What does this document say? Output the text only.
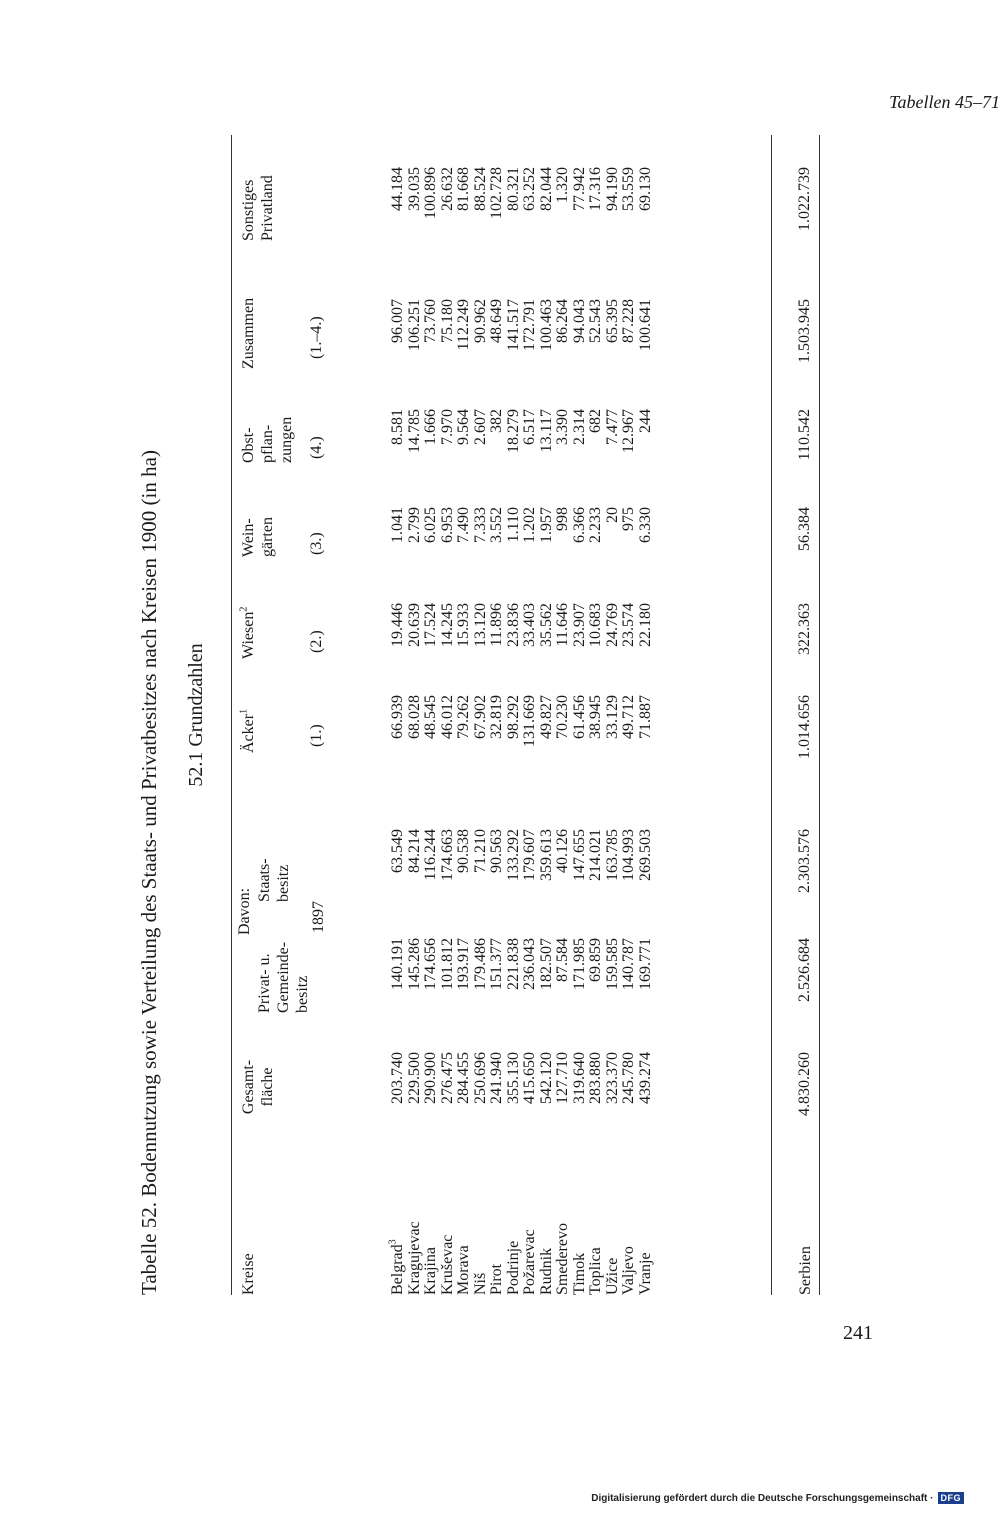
Tabellen 45–71
Tabelle 52. Bodennutzung sowie Verteilung des Staats- und Privatbesitzes nach Kreisen 1900 (in ha) 52.1 Grundzahlen
Kreise
Gesamt-
fläche
Davon:
Privat- u.
Gemeinde-
besitz
Staats-
besitz
1897
Äcker$^1$
(1.)
Wiesen$^2$
(2.)
Wein-
gärten (3.)
Obst-
pflan-
zungen (4.)
Zusammen	(1.–4.)
Sonstiges
Privatland
Belgrad$^3$ Kragujevac Krajina Kruševac Morava Niš Pirot Podrinje Požarevac Rudnik Smederevo Timok Toplica Užice Valjevo Vranje
203.740 229.500 290.900 276.475 284.455 250.696 241.940 355.130 415.650 542.120 127.710 319.640 283.880 323.370 245.780 439.274
140.191 145.286 174.656 101.812 193.917 179.486 151.377 221.838 236.043 182.507 87.584 171.985 69.859 159.585 140.787 169.771
63.549 84.214 116.244 174.663 90.538 71.210 90.563 133.292 179.607 359.613 40.126 147.655 214.021 163.785 104.993 269.503
66.939 68.028 48.545 46.012 79.262 67.902 32.819 98.292 131.669 49.827 70.230 61.456 38.945 33.129 49.712 71.887
19.446 20.639 17.524 14.245 15.933 13.120 11.896 23.836 33.403 35.562 11.646 23.907 10.683 24.769 23.574 22.180
1.041 2.799 6.025 6.953 7.490 7.333 3.552 1.110 1.202 1.957 998 6.366 2.233 20 975 6.330
8.581 14.785 1.666 7.970 9.564 2.607 382 18.279 6.517 13.117 3.390 2.314 682 7.477 12.967 244
96.007 106.251 73.760 75.180 112.249 90.962 48.649 141.517 172.791 100.463 86.264 94.043 52.543 65.395 87.228 100.641
44.184 39.035 100.896 26.632 81.668 88.524 102.728 80.321 63.252 82.044 1.320 77.942 17.316 94.190 53.559 69.130
Serbien
4.830.260
2.526.684
2.303.576
1.014.656
322.363
56.384
110.542
1.503.945
1.022.739
241
Digitalisierung gefördert durch die Deutsche Forschungsgemeinschaft · DFG
